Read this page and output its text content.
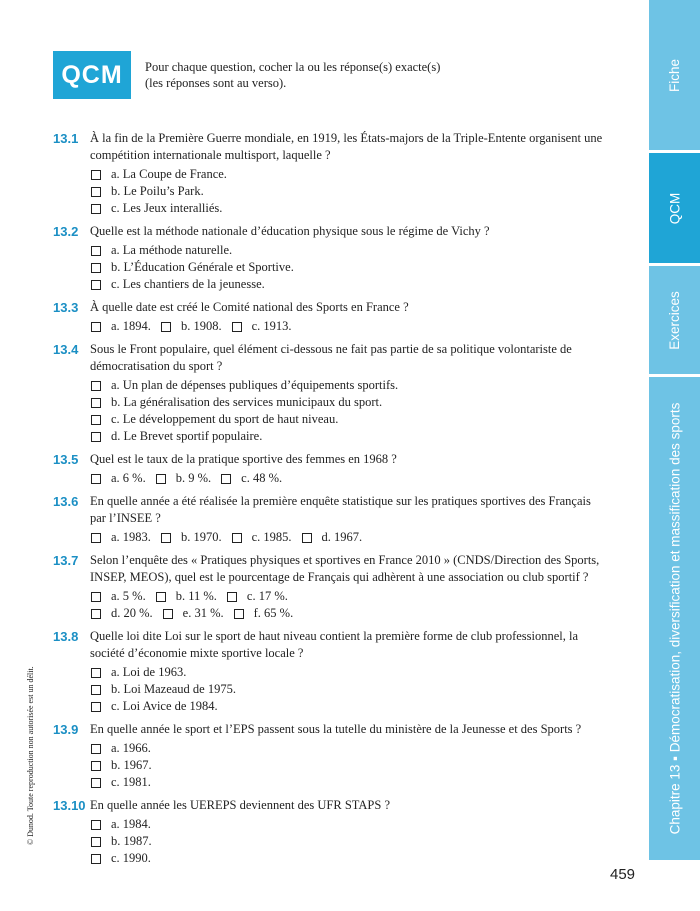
QCM	Pour chaque question, cocher la ou les réponse(s) exacte(s)
(les réponses sont au verso).
13.1 À la fin de la Première Guerre mondiale, en 1919, les États-majors de la Triple-Entente organisent une compétition internationale multisport, laquelle ?
a. La Coupe de France.
b. Le Poilu’s Park.
c. Les Jeux interalliés.
13.2 Quelle est la méthode nationale d’éducation physique sous le régime de Vichy ?
a. La méthode naturelle.
b. L’Éducation Générale et Sportive.
c. Les chantiers de la jeunesse.
13.3 À quelle date est créé le Comité national des Sports en France ?
a. 1894. b. 1908. c. 1913.
13.4 Sous le Front populaire, quel élément ci-dessous ne fait pas partie de sa politique volontariste de démocratisation du sport ?
a. Un plan de dépenses publiques d’équipements sportifs.
b. La généralisation des services municipaux du sport.
c. Le développement du sport de haut niveau.
d. Le Brevet sportif populaire.
13.5 Quel est le taux de la pratique sportive des femmes en 1968 ?
a. 6 %. b. 9 %. c. 48 %.
13.6 En quelle année a été réalisée la première enquête statistique sur les pratiques sportives des Français par l’INSEE ?
a. 1983. b. 1970. c. 1985. d. 1967.
13.7 Selon l’enquête des « Pratiques physiques et sportives en France 2010 » (CNDS/Direction des Sports, INSEP, MEOS), quel est le pourcentage de Français qui adhèrent à une association ou club sportif ?
a. 5 %. b. 11 %. c. 17 %.
d. 20 %. e. 31 %. f. 65 %.
13.8 Quelle loi dite Loi sur le sport de haut niveau contient la première forme de club professionnel, la société d’économie mixte sportive locale ?
a. Loi de 1963.
b. Loi Mazeaud de 1975.
c. Loi Avice de 1984.
13.9 En quelle année le sport et l’EPS passent sous la tutelle du ministère de la Jeunesse et des Sports ?
a. 1966.
b. 1967.
c. 1981.
13.10 En quelle année les UEREPS deviennent des UFR STAPS ?
a. 1984.
b. 1987.
c. 1990.
Fiche
QCM
Exercices
Chapitre 13 ▪ Démocratisation, diversification et massification des sports
© Dunod. Toute reproduction non autorisée est un délit.
459
